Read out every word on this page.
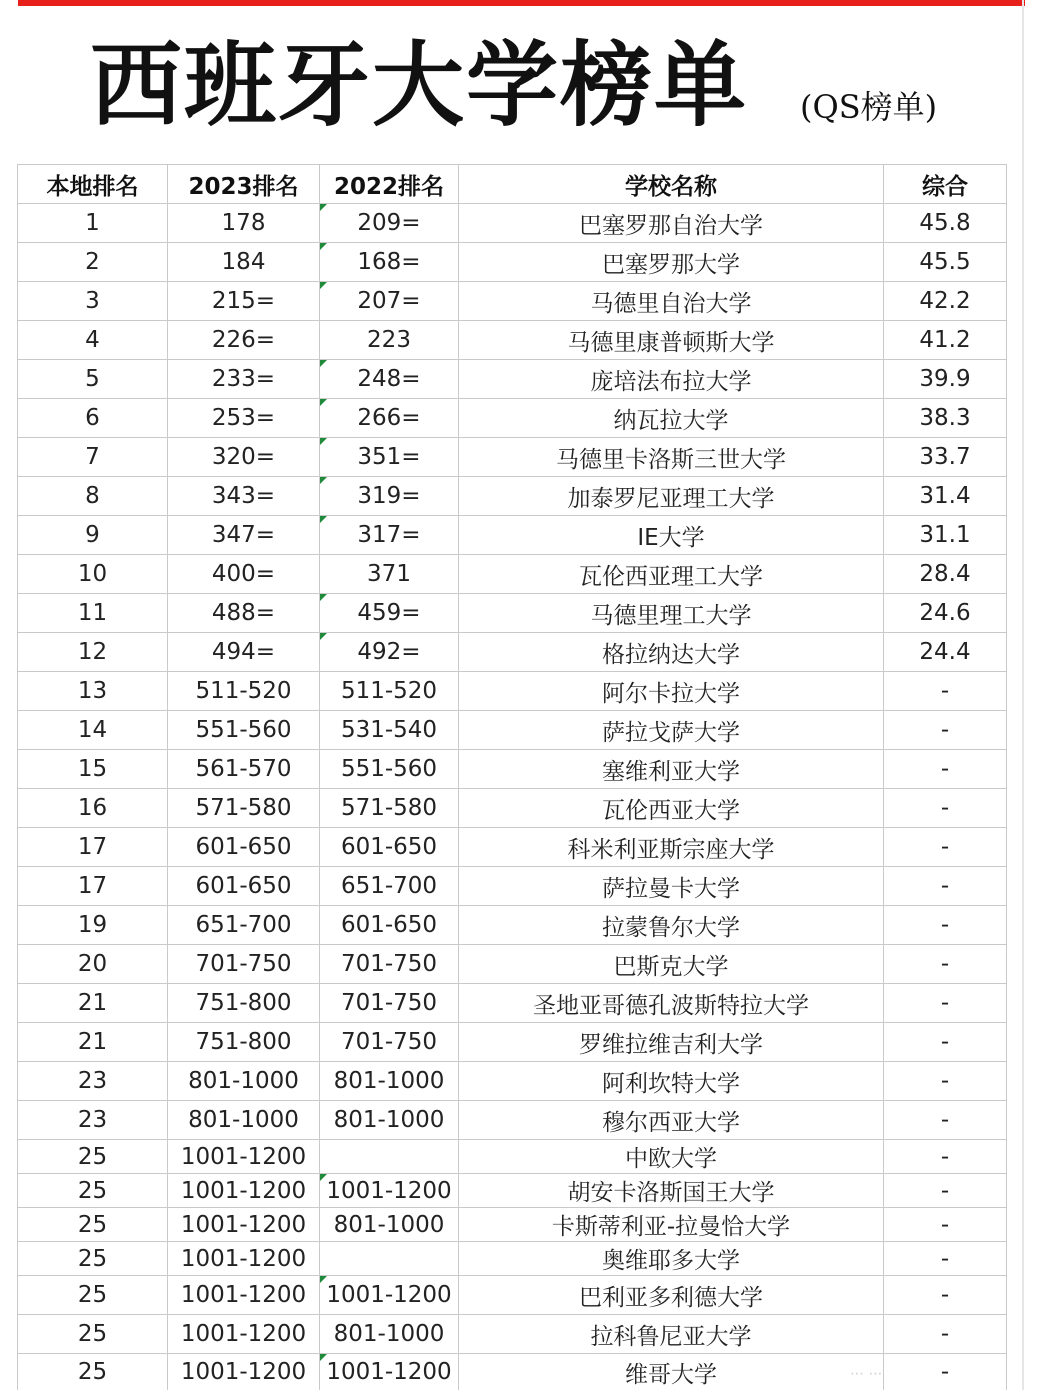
西班牙大学榜单 (QS榜单)
本地排名	2023排名	2022排名	学校名称	综合
1	178	209=	巴塞罗那自治大学	45.8
2	184	168=	巴塞罗那大学	45.5
3	215=	207=	马德里自治大学	42.2
4	226=	223	马德里康普顿斯大学	41.2
5	233=	248=	庞培法布拉大学	39.9
6	253=	266=	纳瓦拉大学	38.3
7	320=	351=	马德里卡洛斯三世大学	33.7
8	343=	319=	加泰罗尼亚理工大学	31.4
9	347=	317=	IE大学	31.1
10	400=	371	瓦伦西亚理工大学	28.4
11	488=	459=	马德里理工大学	24.6
12	494=	492=	格拉纳达大学	24.4
13	511-520	511-520	阿尔卡拉大学	-
14	551-560	531-540	萨拉戈萨大学	-
15	561-570	551-560	塞维利亚大学	-
16	571-580	571-580	瓦伦西亚大学	-
17	601-650	601-650	科米利亚斯宗座大学	-
17	601-650	651-700	萨拉曼卡大学	-
19	651-700	601-650	拉蒙鲁尔大学	-
20	701-750	701-750	巴斯克大学	-
21	751-800	701-750	圣地亚哥德孔波斯特拉大学	-
21	751-800	701-750	罗维拉维吉利大学	-
23	801-1000	801-1000	阿利坎特大学	-
23	801-1000	801-1000	穆尔西亚大学	-
25	1001-1200		中欧大学	-
25	1001-1200	1001-1200	胡安卡洛斯国王大学	-
25	1001-1200	801-1000	卡斯蒂利亚-拉曼恰大学	-
25	1001-1200		奥维耶多大学	-
25	1001-1200	1001-1200	巴利亚多利德大学	-
25	1001-1200	801-1000	拉科鲁尼亚大学	-
25	1001-1200	1001-1200	维哥大学	-
⋯ ⋯
